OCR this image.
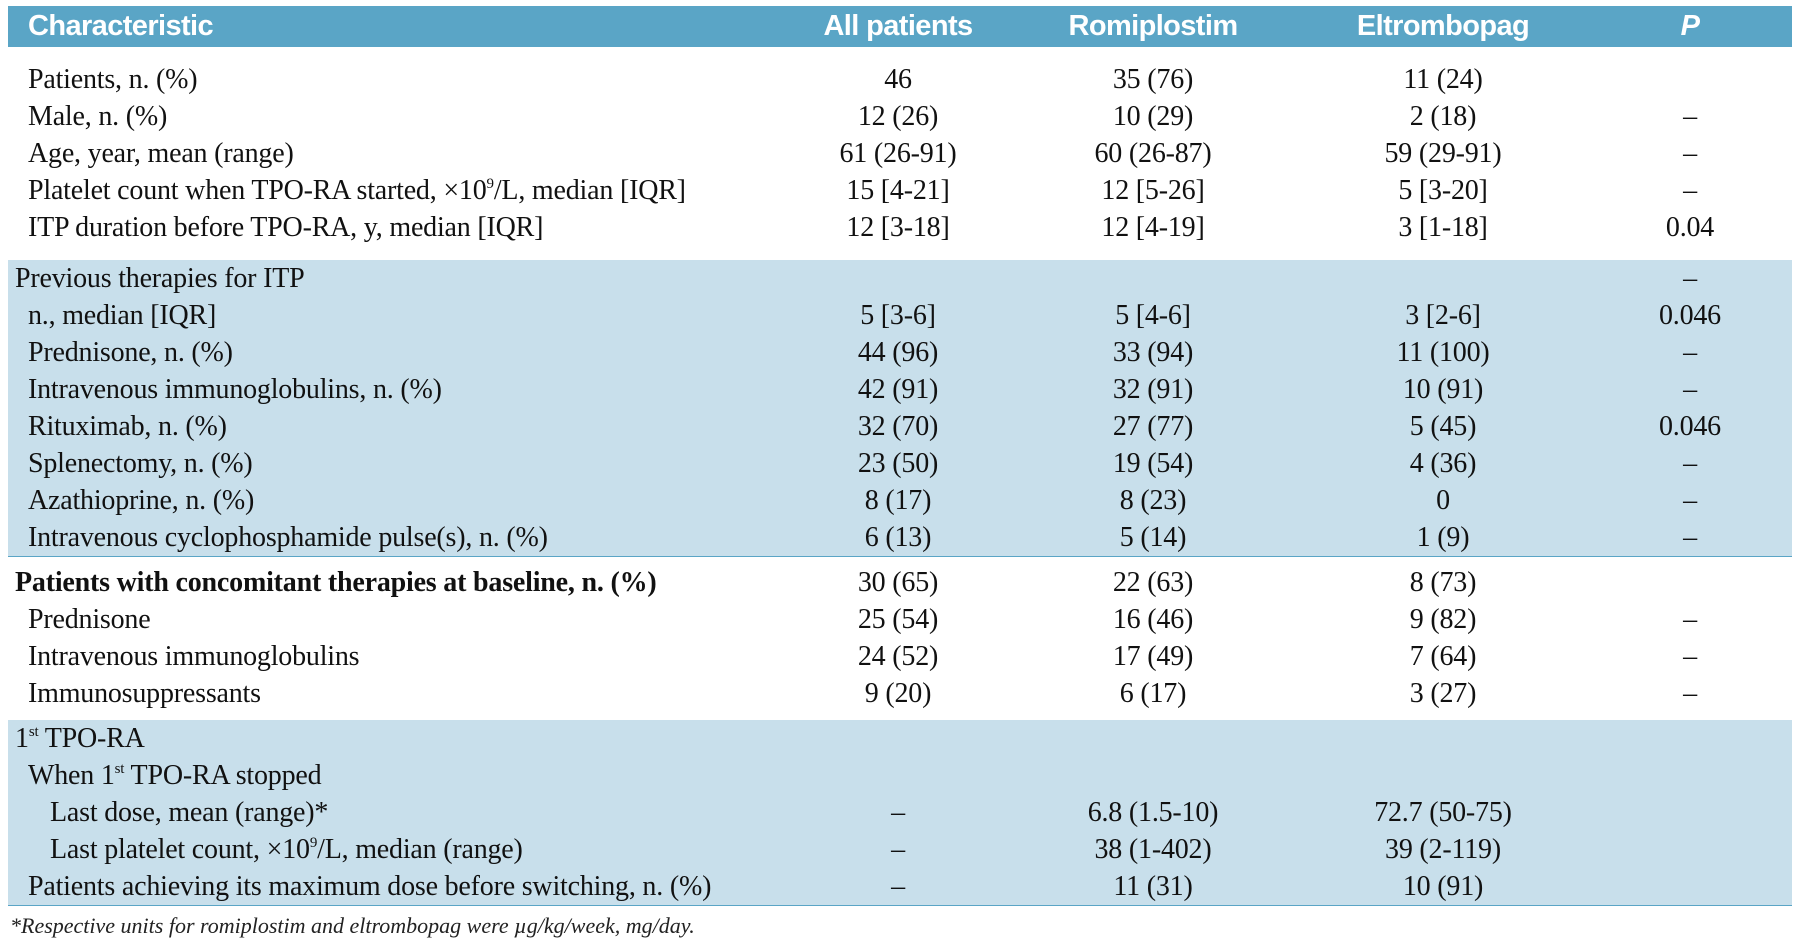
Characteristic	All patients	Romiplostim	Eltrombopag	P

Patients, n. (%)	46	35 (76)	11 (24)	
Male, n. (%)	12 (26)	10 (29)	2 (18)	–
Age, year, mean (range)	61 (26-91)	60 (26-87)	59 (29-91)	–
Platelet count when TPO-RA started, $\times 10^9/L$, median [IQR]	15 [4-21]	12 [5-26]	5 [3-20]	–
ITP duration before TPO-RA, y, median [IQR]	12 [3-18]	12 [4-19]	3 [1-18]	0.04

Previous therapies for ITP				–
n., median [IQR]	5 [3-6]	5 [4-6]	3 [2-6]	0.046
Prednisone, n. (%)	44 (96)	33 (94)	11 (100)	–
Intravenous immunoglobulins, n. (%)	42 (91)	32 (91)	10 (91)	–
Rituximab, n. (%)	32 (70)	27 (77)	5 (45)	0.046
Splenectomy, n. (%)	23 (50)	19 (54)	4 (36)	–
Azathioprine, n. (%)	8 (17)	8 (23)	0	–
Intravenous cyclophosphamide pulse(s), n. (%)	6 (13)	5 (14)	1 (9)	–
Patients with concomitant therapies at baseline, n. (%)	30 (65)	22 (63)	8 (73)	
Prednisone	25 (54)	16 (46)	9 (82)	–
Intravenous immunoglobulins	24 (52)	17 (49)	7 (64)	–
Immunosuppressants	9 (20)	6 (17)	3 (27)	–

1st TPO-RA				
When 1st TPO-RA stopped				
Last dose, mean (range)*	–	6.8 (1.5-10)	72.7 (50-75)	
Last platelet count, $\times 10^9/L$, median (range)	–	38 (1-402)	39 (2-119)	
Patients achieving its maximum dose before switching, n. (%)	–	11 (31)	10 (91)	
*Respective units for romiplostim and eltrombopag were µg/kg/week, mg/day.
